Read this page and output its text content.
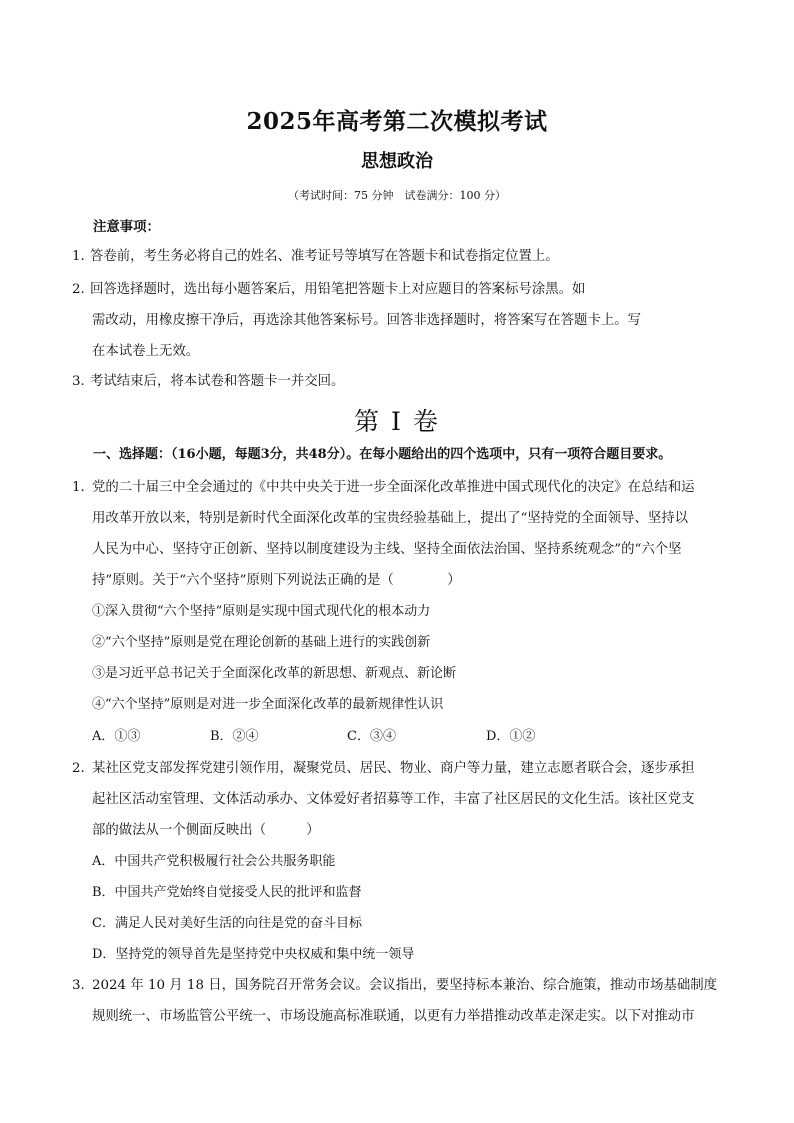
2025年高考第二次模拟考试
思想政治
（考试时间：75 分钟　试卷满分：100 分）
注意事项：
1. 答卷前，考生务必将自己的姓名、准考证号等填写在答题卡和试卷指定位置上。
2. 回答选择题时，选出每小题答案后，用铅笔把答题卡上对应题目的答案标号涂黑。如
需改动，用橡皮擦干净后，再选涂其他答案标号。回答非选择题时，将答案写在答题卡上。写
在本试卷上无效。
3. 考试结束后，将本试卷和答题卡一并交回。
第 I 卷
一、选择题：（16小题，每题3分，共48分）。在每小题给出的四个选项中，只有一项符合题目要求。
1. 党的二十届三中全会通过的《中共中央关于进一步全面深化改革推进中国式现代化的决定》在总结和运
用改革开放以来，特别是新时代全面深化改革的宝贵经验基础上，提出了“坚持党的全面领导、坚持以
人民为中心、坚持守正创新、坚持以制度建设为主线、坚持全面依法治国、坚持系统观念”的“六个坚
持”原则。关于“六个坚持”原则下列说法正确的是（　　　　）
①深入贯彻“六个坚持”原则是实现中国式现代化的根本动力
②“六个坚持”原则是党在理论创新的基础上进行的实践创新
③是习近平总书记关于全面深化改革的新思想、新观点、新论断
④“六个坚持”原则是对进一步全面深化改革的最新规律性认识
A．①③	B．②④	C．③④	D．①②
2. 某社区党支部发挥党建引领作用，凝聚党员、居民、物业、商户等力量，建立志愿者联合会，逐步承担
起社区活动室管理、文体活动承办、文体爱好者招募等工作，丰富了社区居民的文化生活。该社区党支
部的做法从一个侧面反映出（　　　）
A．中国共产党积极履行社会公共服务职能
B．中国共产党始终自觉接受人民的批评和监督
C．满足人民对美好生活的向往是党的奋斗目标
D．坚持党的领导首先是坚持党中央权威和集中统一领导
3. 2024 年 10 月 18 日，国务院召开常务会议。会议指出，要坚持标本兼治、综合施策，推动市场基础制度
规则统一、市场监管公平统一、市场设施高标准联通，以更有力举措推动改革走深走实。以下对推动市
